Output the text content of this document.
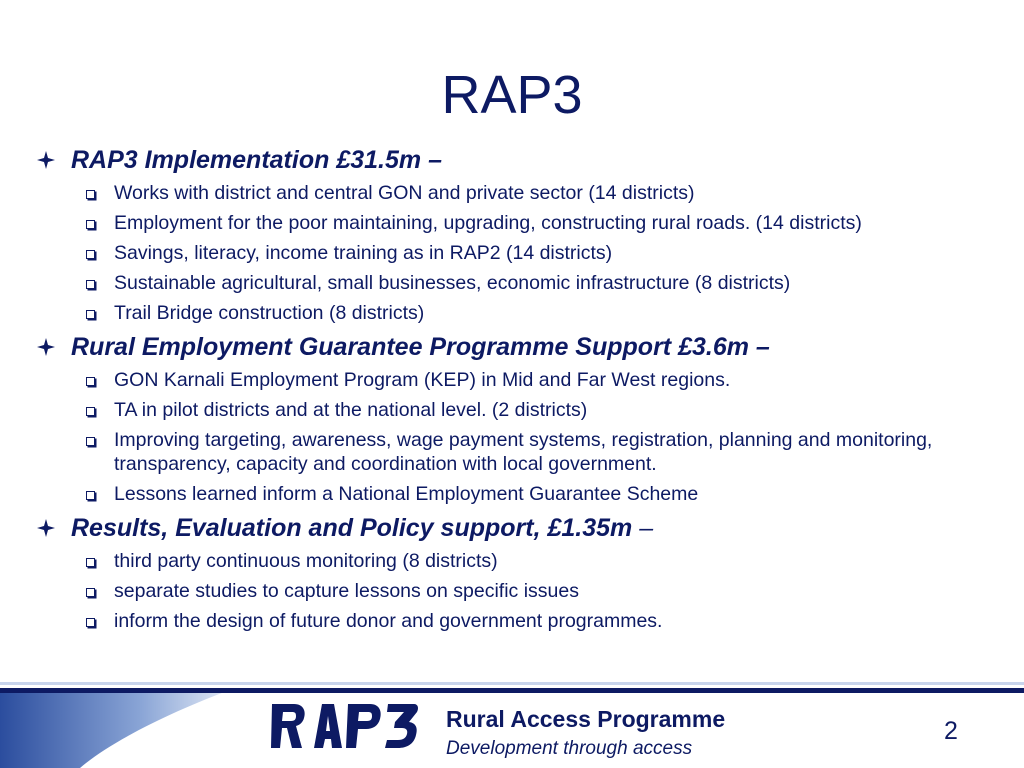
RAP3
RAP3 Implementation £31.5m –
Works with district and central GON and private sector (14 districts)
Employment for the poor maintaining, upgrading, constructing rural roads. (14 districts)
Savings, literacy, income training as in RAP2 (14 districts)
Sustainable agricultural, small businesses, economic infrastructure (8 districts)
Trail Bridge construction (8 districts)
Rural Employment Guarantee Programme Support £3.6m –
GON Karnali Employment Program (KEP) in Mid and Far West regions.
TA in pilot districts and at the national level. (2 districts)
Improving targeting, awareness, wage payment systems, registration, planning and monitoring, transparency, capacity and coordination with local government.
Lessons learned inform a National Employment Guarantee Scheme
Results, Evaluation and Policy support, £1.35m –
third party continuous monitoring (8 districts)
separate studies to capture lessons on specific issues
inform the design of future donor and government programmes.
Rural Access Programme
Development through access
2
